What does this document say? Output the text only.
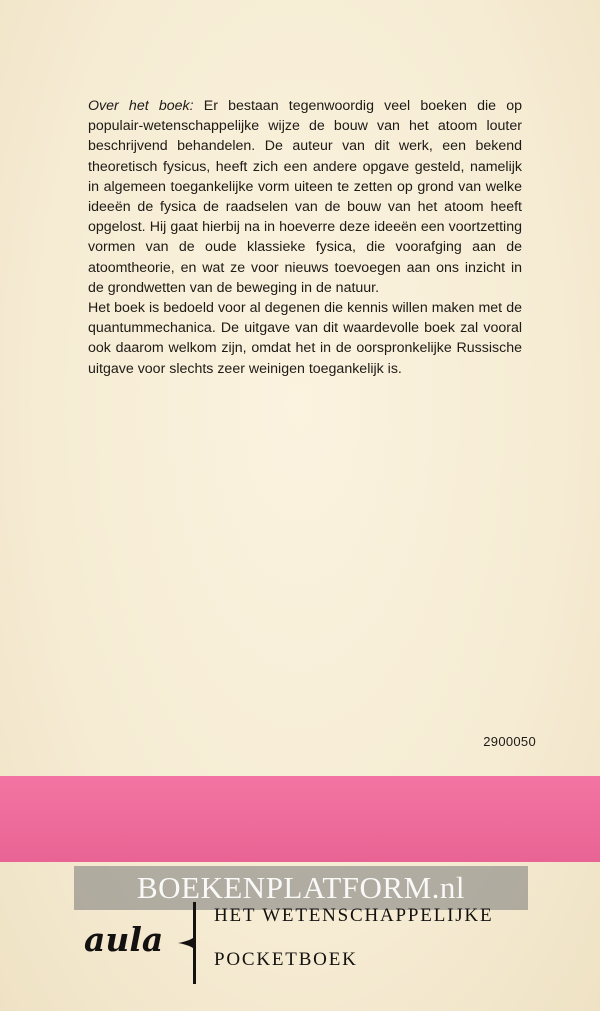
Over het boek: Er bestaan tegenwoordig veel boeken die op populair-wetenschappelijke wijze de bouw van het atoom louter beschrijvend behandelen. De auteur van dit werk, een bekend theoretisch fysicus, heeft zich een andere opgave gesteld, namelijk in algemeen toegankelijke vorm uiteen te zetten op grond van welke ideeën de fysica de raadselen van de bouw van het atoom heeft opgelost. Hij gaat hierbij na in hoeverre deze ideeën een voortzetting vormen van de oude klassieke fysica, die voorafging aan de atoomtheorie, en wat ze voor nieuws toevoegen aan ons inzicht in de grondwetten van de beweging in de natuur.

Het boek is bedoeld voor al degenen die kennis willen maken met de quantummechanica. De uitgave van dit waardevolle boek zal vooral ook daarom welkom zijn, omdat het in de oorspronkelijke Russische uitgave voor slechts zeer weinigen toegankelijk is.

2900050
BOEKENPLATFORM.nl
aula
HET WETENSCHAPPELIJKE
POCKETBOEK
